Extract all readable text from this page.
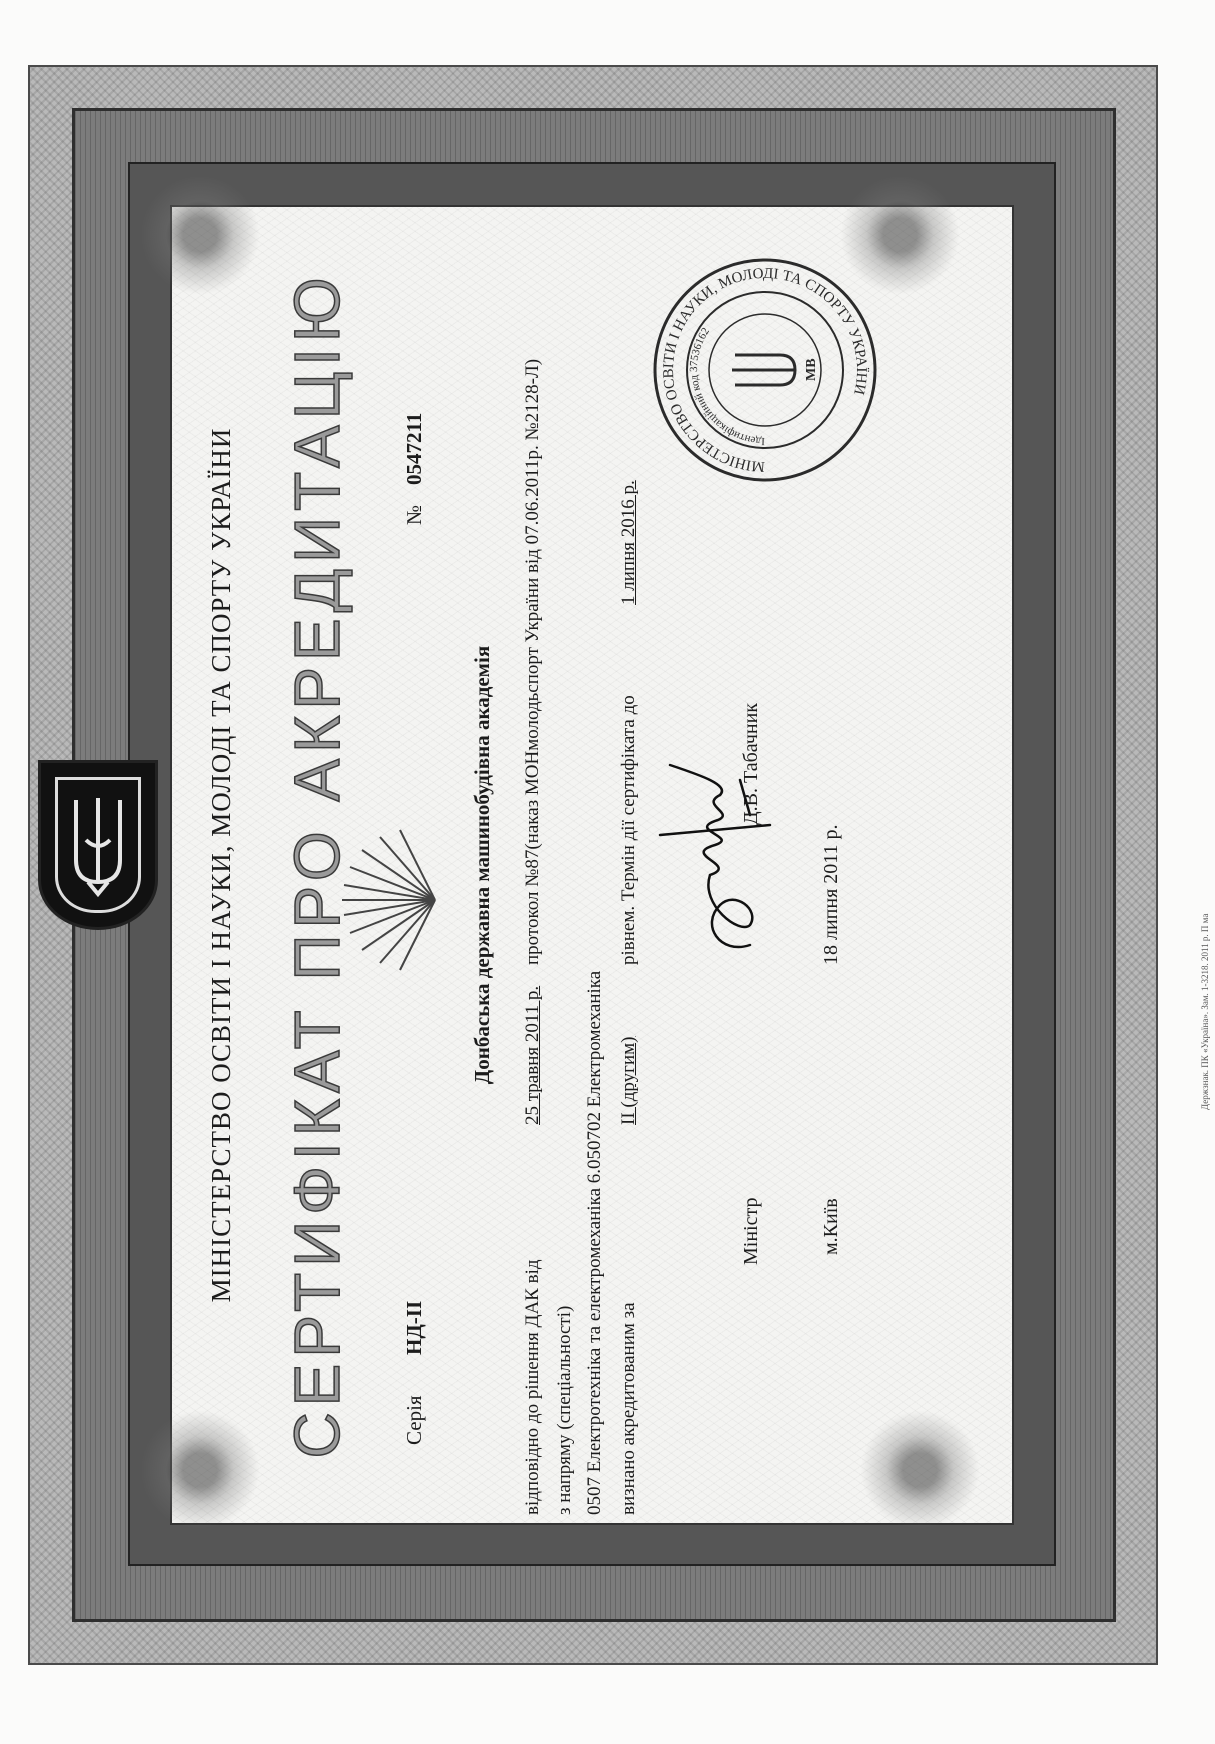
МІНІСТЕРСТВО ОСВІТИ І НАУКИ, МОЛОДІ ТА СПОРТУ УКРАЇНИ СЕРТИФІКАТ ПРО АКРЕДИТАЦІЮ Серія
НД-ІІ
№
0547211
Донбаська державна машинобудівна академія
відповідно до рішення ДАК від
25 травня 2011 р.
протокол №87(наказ МОНмолодьспорт України від 07.06.2011р. №2128-Л)
з напряму (спеціальності) 0507 Електротехніка та електромеханіка 6.050702 Електромеханіка визнано акредитованим за
ІІ (другим)
рівнем. Термін дії сертифіката до
1 липня 2016 р.
Міністр
Д.В. Табачник
м.Київ
18 липня 2011 р.
МІНІСТЕРСТВО ОСВІТИ І НАУКИ, МОЛОДІ ТА СПОРТУ УКРАЇНИ
Ідентифікаційний код 37536162
МВ
Держзнак. ПК «Україна». Зам. 1-3218. 2011 р. П ма
